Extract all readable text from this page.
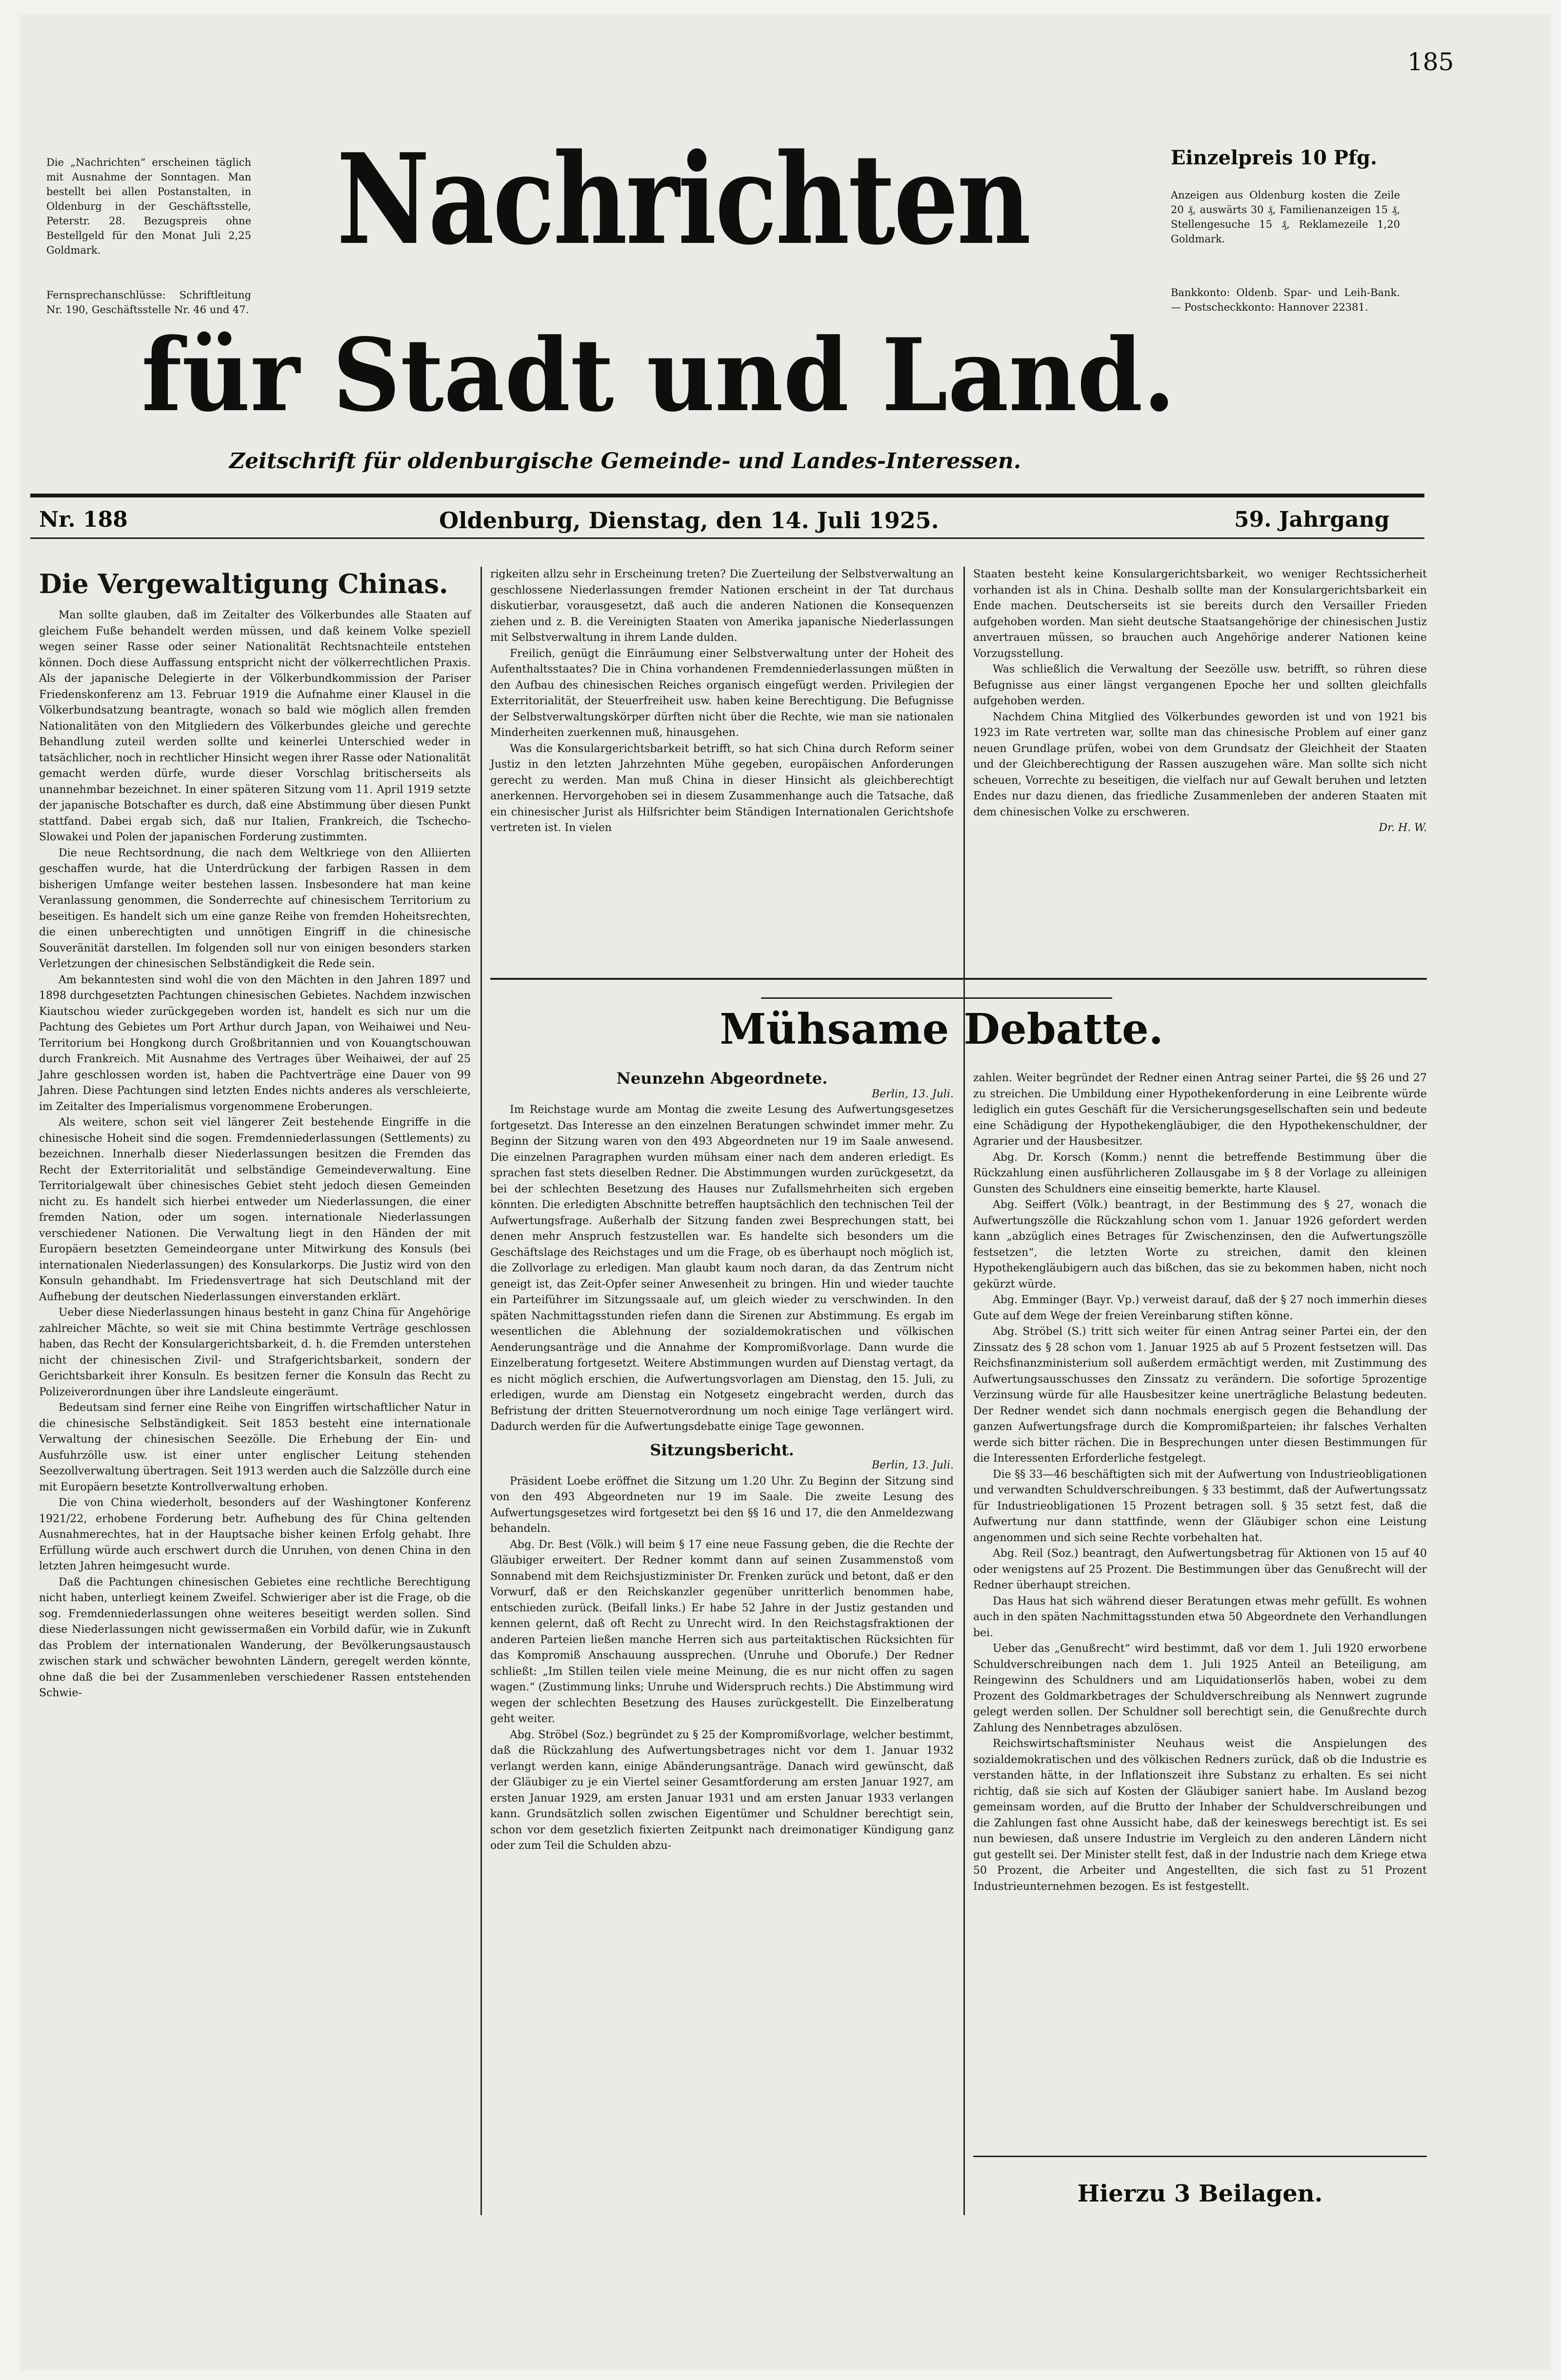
185
Die „Nachrichten“ erscheinen täglich mit Ausnahme der Sonntagen. Man bestellt bei allen Postanstalten, in Oldenburg in der Geschäftsstelle, Peterstr. 28. Bezugspreis ohne Bestellgeld für den Monat Juli 2,25 Goldmark.
Fernsprechanschlüsse: Schriftleitung Nr. 190, Geschäftsstelle Nr. 46 und 47.
Einzelpreis 10 Pfg.
Anzeigen aus Oldenburg kosten die Zeile 20 ₰, auswärts 30 ₰, Familienanzeigen 15 ₰, Stellengesuche 15 ₰, Reklamezeile 1,20 Goldmark.
Bankkonto: Oldenb. Spar- und Leih-Bank. — Postscheckkonto: Hannover 22381.
Nachrichten
für Stadt und Land.
Zeitschrift für oldenburgische Gemeinde- und Landes-Interessen.
Nr. 188	Oldenburg, Dienstag, den 14. Juli 1925.	59. Jahrgang
Die Vergewaltigung Chinas.

Man sollte glauben, daß im Zeitalter des Völkerbundes alle Staaten auf gleichem Fuße behandelt werden müssen, und daß keinem Volke speziell wegen seiner Rasse oder seiner Nationalität Rechtsnachteile entstehen können. Doch diese Auffassung entspricht nicht der völkerrechtlichen Praxis. Als der japanische Delegierte in der Völkerbundkommission der Pariser Friedenskonferenz am 13. Februar 1919 die Aufnahme einer Klausel in die Völkerbundsatzung beantragte, wonach so bald wie möglich allen fremden Nationalitäten von den Mitgliedern des Völkerbundes gleiche und gerechte Behandlung zuteil werden sollte und keinerlei Unterschied weder in tatsächlicher, noch in rechtlicher Hinsicht wegen ihrer Rasse oder Nationalität gemacht werden dürfe, wurde dieser Vorschlag britischerseits als unannehmbar bezeichnet. In einer späteren Sitzung vom 11. April 1919 setzte der japanische Botschafter es durch, daß eine Abstimmung über diesen Punkt stattfand. Dabei ergab sich, daß nur Italien, Frankreich, die Tschecho-Slowakei und Polen der japanischen Forderung zustimmten.

Die neue Rechtsordnung, die nach dem Weltkriege von den Alliierten geschaffen wurde, hat die Unterdrückung der farbigen Rassen in dem bisherigen Umfange weiter bestehen lassen. Insbesondere hat man keine Veranlassung genommen, die Sonderrechte auf chinesischem Territorium zu beseitigen. Es handelt sich um eine ganze Reihe von fremden Hoheitsrechten, die einen unberechtigten und unnötigen Eingriff in die chinesische Souveränität darstellen. Im folgenden soll nur von einigen besonders starken Verletzungen der chinesischen Selbständigkeit die Rede sein.

Am bekanntesten sind wohl die von den Mächten in den Jahren 1897 und 1898 durchgesetzten Pachtungen chinesischen Gebietes. Nachdem inzwischen Kiautschou wieder zurückgegeben worden ist, handelt es sich nur um die Pachtung des Gebietes um Port Arthur durch Japan, von Weihaiwei und Neu-Territorium bei Hongkong durch Großbritannien und von Kouangtschouwan durch Frankreich. Mit Ausnahme des Vertrages über Weihaiwei, der auf 25 Jahre geschlossen worden ist, haben die Pachtverträge eine Dauer von 99 Jahren. Diese Pachtungen sind letzten Endes nichts anderes als verschleierte, im Zeitalter des Imperialismus vorgenommene Eroberungen.

Als weitere, schon seit viel längerer Zeit bestehende Eingriffe in die chinesische Hoheit sind die sogen. Fremdenniederlassungen (Settlements) zu bezeichnen. Innerhalb dieser Niederlassungen besitzen die Fremden das Recht der Exterritorialität und selbständige Gemeindeverwaltung. Eine Territorialgewalt über chinesisches Gebiet steht jedoch diesen Gemeinden nicht zu. Es handelt sich hierbei entweder um Niederlassungen, die einer fremden Nation, oder um sogen. internationale Niederlassungen verschiedener Nationen. Die Verwaltung liegt in den Händen der mit Europäern besetzten Gemeindeorgane unter Mitwirkung des Konsuls (bei internationalen Niederlassungen) des Konsularkorps. Die Justiz wird von den Konsuln gehandhabt. Im Friedensvertrage hat sich Deutschland mit der Aufhebung der deutschen Niederlassungen einverstanden erklärt.

Ueber diese Niederlassungen hinaus besteht in ganz China für Angehörige zahlreicher Mächte, so weit sie mit China bestimmte Verträge geschlossen haben, das Recht der Konsulargerichtsbarkeit, d. h. die Fremden unterstehen nicht der chinesischen Zivil- und Strafgerichtsbarkeit, sondern der Gerichtsbarkeit ihrer Konsuln. Es besitzen ferner die Konsuln das Recht zu Polizeiverordnungen über ihre Landsleute eingeräumt.

Bedeutsam sind ferner eine Reihe von Eingriffen wirtschaftlicher Natur in die chinesische Selbständigkeit. Seit 1853 besteht eine internationale Verwaltung der chinesischen Seezölle. Die Erhebung der Ein- und Ausfuhrzölle usw. ist einer unter englischer Leitung stehenden Seezollverwaltung übertragen. Seit 1913 werden auch die Salzzölle durch eine mit Europäern besetzte Kontrollverwaltung erhoben.

Die von China wiederholt, besonders auf der Washingtoner Konferenz 1921/22, erhobene Forderung betr. Aufhebung des für China geltenden Ausnahmerechtes, hat in der Hauptsache bisher keinen Erfolg gehabt. Ihre Erfüllung würde auch erschwert durch die Unruhen, von denen China in den letzten Jahren heimgesucht wurde.

Daß die Pachtungen chinesischen Gebietes eine rechtliche Berechtigung nicht haben, unterliegt keinem Zweifel. Schwieriger aber ist die Frage, ob die sog. Fremdenniederlassungen ohne weiteres beseitigt werden sollen. Sind diese Niederlassungen nicht gewissermaßen ein Vorbild dafür, wie in Zukunft das Problem der internationalen Wanderung, der Bevölkerungsaustausch zwischen stark und schwächer bewohnten Ländern, geregelt werden könnte, ohne daß die bei der Zusammenleben verschiedener Rassen entstehenden Schwie-

rigkeiten allzu sehr in Erscheinung treten? Die Zuerteilung der Selbstverwaltung an geschlossene Niederlassungen fremder Nationen erscheint in der Tat durchaus diskutierbar, vorausgesetzt, daß auch die anderen Nationen die Konsequenzen ziehen und z. B. die Vereinigten Staaten von Amerika japanische Niederlassungen mit Selbstverwaltung in ihrem Lande dulden.

Freilich, genügt die Einräumung einer Selbstverwaltung unter der Hoheit des Aufenthaltsstaates? Die in China vorhandenen Fremdenniederlassungen müßten in den Aufbau des chinesischen Reiches organisch eingefügt werden. Privilegien der Exterritorialität, der Steuerfreiheit usw. haben keine Berechtigung. Die Befugnisse der Selbstverwaltungskörper dürften nicht über die Rechte, wie man sie nationalen Minderheiten zuerkennen muß, hinausgehen.

Was die Konsulargerichtsbarkeit betrifft, so hat sich China durch Reform seiner Justiz in den letzten Jahrzehnten Mühe gegeben, europäischen Anforderungen gerecht zu werden. Man muß China in dieser Hinsicht als gleichberechtigt anerkennen. Hervorgehoben sei in diesem Zusammenhange auch die Tatsache, daß ein chinesischer Jurist als Hilfsrichter beim Ständigen Internationalen Gerichtshofe vertreten ist. In vielen

Staaten besteht keine Konsulargerichtsbarkeit, wo weniger Rechtssicherheit vorhanden ist als in China. Deshalb sollte man der Konsulargerichtsbarkeit ein Ende machen. Deutscherseits ist sie bereits durch den Versailler Frieden aufgehoben worden. Man sieht deutsche Staatsangehörige der chinesischen Justiz anvertrauen müssen, so brauchen auch Angehörige anderer Nationen keine Vorzugsstellung.

Was schließlich die Verwaltung der Seezölle usw. betrifft, so rühren diese Befugnisse aus einer längst vergangenen Epoche her und sollten gleichfalls aufgehoben werden.

Nachdem China Mitglied des Völkerbundes geworden ist und von 1921 bis 1923 im Rate vertreten war, sollte man das chinesische Problem auf einer ganz neuen Grundlage prüfen, wobei von dem Grundsatz der Gleichheit der Staaten und der Gleichberechtigung der Rassen auszugehen wäre. Man sollte sich nicht scheuen, Vorrechte zu beseitigen, die vielfach nur auf Gewalt beruhen und letzten Endes nur dazu dienen, das friedliche Zusammenleben der anderen Staaten mit dem chinesischen Volke zu erschweren.

Dr. H. W.
Mühsame Debatte.
Neunzehn Abgeordnete.
Berlin, 13. Juli.

Im Reichstage wurde am Montag die zweite Lesung des Aufwertungsgesetzes fortgesetzt. Das Interesse an den einzelnen Beratungen schwindet immer mehr. Zu Beginn der Sitzung waren von den 493 Abgeordneten nur 19 im Saale anwesend. Die einzelnen Paragraphen wurden mühsam einer nach dem anderen erledigt. Es sprachen fast stets dieselben Redner. Die Abstimmungen wurden zurückgesetzt, da bei der schlechten Besetzung des Hauses nur Zufallsmehrheiten sich ergeben könnten. Die erledigten Abschnitte betreffen hauptsächlich den technischen Teil der Aufwertungsfrage. Außerhalb der Sitzung fanden zwei Besprechungen statt, bei denen mehr Anspruch festzustellen war. Es handelte sich besonders um die Geschäftslage des Reichstages und um die Frage, ob es überhaupt noch möglich ist, die Zollvorlage zu erledigen. Man glaubt kaum noch daran, da das Zentrum nicht geneigt ist, das Zeit-Opfer seiner Anwesenheit zu bringen. Hin und wieder tauchte ein Parteiführer im Sitzungssaale auf, um gleich wieder zu verschwinden. In den späten Nachmittagsstunden riefen dann die Sirenen zur Abstimmung. Es ergab im wesentlichen die Ablehnung der sozialdemokratischen und völkischen Aenderungsanträge und die Annahme der Kompromißvorlage. Dann wurde die Einzelberatung fortgesetzt. Weitere Abstimmungen wurden auf Dienstag vertagt, da es nicht möglich erschien, die Aufwertungsvorlagen am Dienstag, den 15. Juli, zu erledigen, wurde am Dienstag ein Notgesetz eingebracht werden, durch das Befristung der dritten Steuernotverordnung um noch einige Tage verlängert wird. Dadurch werden für die Aufwertungsdebatte einige Tage gewonnen.

Sitzungsbericht.
Berlin, 13. Juli.

Präsident Loebe eröffnet die Sitzung um 1.20 Uhr. Zu Beginn der Sitzung sind von den 493 Abgeordneten nur 19 im Saale. Die zweite Lesung des Aufwertungsgesetzes wird fortgesetzt bei den §§ 16 und 17, die den Anmeldezwang behandeln.

Abg. Dr. Best (Völk.) will beim § 17 eine neue Fassung geben, die die Rechte der Gläubiger erweitert. Der Redner kommt dann auf seinen Zusammenstoß vom Sonnabend mit dem Reichsjustizminister Dr. Frenken zurück und betont, daß er den Vorwurf, daß er den Reichskanzler gegenüber unritterlich benommen habe, entschieden zurück. (Beifall links.) Er habe 52 Jahre in der Justiz gestanden und kennen gelernt, daß oft Recht zu Unrecht wird. In den Reichstagsfraktionen der anderen Parteien ließen manche Herren sich aus parteitaktischen Rücksichten für das Kompromiß Anschauung aussprechen. (Unruhe und Oborufe.) Der Redner schließt: „Im Stillen teilen viele meine Meinung, die es nur nicht offen zu sagen wagen.“ (Zustimmung links; Unruhe und Widerspruch rechts.) Die Abstimmung wird wegen der schlechten Besetzung des Hauses zurückgestellt. Die Einzelberatung geht weiter.

Abg. Ströbel (Soz.) begründet zu § 25 der Kompromißvorlage, welcher bestimmt, daß die Rückzahlung des Aufwertungsbetrages nicht vor dem 1. Januar 1932 verlangt werden kann, einige Abänderungsanträge. Danach wird gewünscht, daß der Gläubiger zu je ein Viertel seiner Gesamtforderung am ersten Januar 1927, am ersten Januar 1929, am ersten Januar 1931 und am ersten Januar 1933 verlangen kann. Grundsätzlich sollen zwischen Eigentümer und Schuldner berechtigt sein, schon vor dem gesetzlich fixierten Zeitpunkt nach dreimonatiger Kündigung ganz oder zum Teil die Schulden abzu-

zahlen. Weiter begründet der Redner einen Antrag seiner Partei, die §§ 26 und 27 zu streichen. Die Umbildung einer Hypothekenforderung in eine Leibrente würde lediglich ein gutes Geschäft für die Versicherungsgesellschaften sein und bedeute eine Schädigung der Hypothekengläubiger, die den Hypothekenschuldner, der Agrarier und der Hausbesitzer.

Abg. Dr. Korsch (Komm.) nennt die betreffende Bestimmung über die Rückzahlung einen ausführlicheren Zollausgabe im § 8 der Vorlage zu alleinigen Gunsten des Schuldners eine einseitig bemerkte, harte Klausel.

Abg. Seiffert (Völk.) beantragt, in der Bestimmung des § 27, wonach die Aufwertungszölle die Rückzahlung schon vom 1. Januar 1926 gefordert werden kann „abzüglich eines Betrages für Zwischenzinsen, den die Aufwertungszölle festsetzen“, die letzten Worte zu streichen, damit den kleinen Hypothekengläubigern auch das bißchen, das sie zu bekommen haben, nicht noch gekürzt würde.

Abg. Emminger (Bayr. Vp.) verweist darauf, daß der § 27 noch immerhin dieses Gute auf dem Wege der freien Vereinbarung stiften könne.

Abg. Ströbel (S.) tritt sich weiter für einen Antrag seiner Partei ein, der den Zinssatz des § 28 schon vom 1. Januar 1925 ab auf 5 Prozent festsetzen will. Das Reichsfinanzministerium soll außerdem ermächtigt werden, mit Zustimmung des Aufwertungsausschusses den Zinssatz zu verändern. Die sofortige 5prozentige Verzinsung würde für alle Hausbesitzer keine unerträgliche Belastung bedeuten. Der Redner wendet sich dann nochmals energisch gegen die Behandlung der ganzen Aufwertungsfrage durch die Kompromißparteien; ihr falsches Verhalten werde sich bitter rächen. Die in Besprechungen unter diesen Bestimmungen für die Interessenten Erforderliche festgelegt.

Die §§ 33—46 beschäftigten sich mit der Aufwertung von Industrieobligationen und verwandten Schuldverschreibungen. § 33 bestimmt, daß der Aufwertungssatz für Industrieobligationen 15 Prozent betragen soll. § 35 setzt fest, daß die Aufwertung nur dann stattfinde, wenn der Gläubiger schon eine Leistung angenommen und sich seine Rechte vorbehalten hat.

Abg. Reil (Soz.) beantragt, den Aufwertungsbetrag für Aktionen von 15 auf 40 oder wenigstens auf 25 Prozent. Die Bestimmungen über das Genußrecht will der Redner überhaupt streichen.

Das Haus hat sich während dieser Beratungen etwas mehr gefüllt. Es wohnen auch in den späten Nachmittagsstunden etwa 50 Abgeordnete den Verhandlungen bei.

Ueber das „Genußrecht“ wird bestimmt, daß vor dem 1. Juli 1920 erworbene Schuldverschreibungen nach dem 1. Juli 1925 Anteil an Beteiligung, am Reingewinn des Schuldners und am Liquidationserlös haben, wobei zu dem Prozent des Goldmarkbetrages der Schuldverschreibung als Nennwert zugrunde gelegt werden sollen. Der Schuldner soll berechtigt sein, die Genußrechte durch Zahlung des Nennbetrages abzulösen.

Reichswirtschaftsminister Neuhaus weist die Anspielungen des sozialdemokratischen und des völkischen Redners zurück, daß ob die Industrie es verstanden hätte, in der Inflationszeit ihre Substanz zu erhalten. Es sei nicht richtig, daß sie sich auf Kosten der Gläubiger saniert habe. Im Ausland bezog gemeinsam worden, auf die Brutto der Inhaber der Schuldverschreibungen und die Zahlungen fast ohne Aussicht habe, daß der keineswegs berechtigt ist. Es sei nun bewiesen, daß unsere Industrie im Vergleich zu den anderen Ländern nicht gut gestellt sei. Der Minister stellt fest, daß in der Industrie nach dem Kriege etwa 50 Prozent, die Arbeiter und Angestellten, die sich fast zu 51 Prozent Industrieunternehmen bezogen. Es ist festgestellt.

Hierzu 3 Beilagen.
